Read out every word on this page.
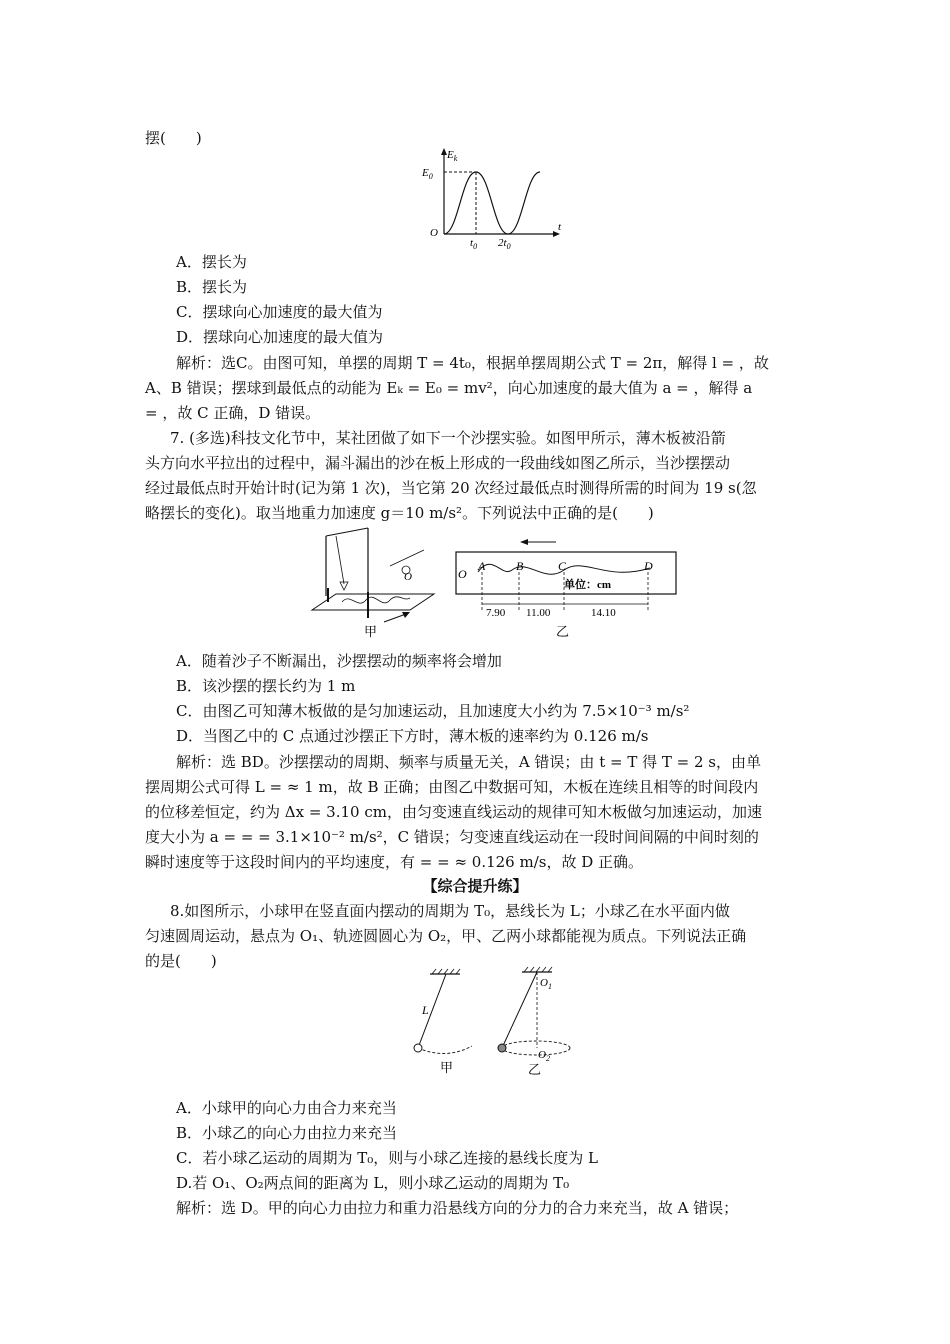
摆(　　)
$E_k$
$E_0$
O
$t_0$ $2t_0$
t
A．摆长为
B．摆长为
C．摆球向心加速度的最大值为
D．摆球向心加速度的最大值为
解析：选C。由图可知，单摆的周期 T = 4t₀，根据单摆周期公式 T = 2π，解得 l = ，故
A、B 错误；摆球到最低点的动能为 Eₖ = E₀ = mv²，向心加速度的最大值为 a = ，解得 a
= ，故 C 正确，D 错误。
7. (多选)科技文化节中，某社团做了如下一个沙摆实验。如图甲所示，薄木板被沿箭
头方向水平拉出的过程中，漏斗漏出的沙在板上形成的一段曲线如图乙所示，当沙摆摆动
经过最低点时开始计时(记为第 1 次)，当它第 20 次经过最低点时测得所需的时间为 19 s(忽
略摆长的变化)。取当地重力加速度 g＝10 m/s²。下列说法中正确的是(　　)
O
甲
O
A	B	C	D
单位：cm
7.90 11.00	14.10
乙
A．随着沙子不断漏出，沙摆摆动的频率将会增加
B．该沙摆的摆长约为 1 m
C．由图乙可知薄木板做的是匀加速运动，且加速度大小约为 7.5×10⁻³ m/s²
D．当图乙中的 C 点通过沙摆正下方时，薄木板的速率约为 0.126 m/s
解析：选 BD。沙摆摆动的周期、频率与质量无关，A 错误；由 t = T 得 T = 2 s，由单
摆周期公式可得 L = ≈ 1 m，故 B 正确；由图乙中数据可知，木板在连续且相等的时间段内
的位移差恒定，约为 Δx = 3.10 cm，由匀变速直线运动的规律可知木板做匀加速运动，加速
度大小为 a = = = 3.1×10⁻² m/s²，C 错误；匀变速直线运动在一段时间间隔的中间时刻的
瞬时速度等于这段时间内的平均速度，有 = = ≈ 0.126 m/s，故 D 正确。
【综合提升练】
8.如图所示，小球甲在竖直面内摆动的周期为 T₀，悬线长为 L；小球乙在水平面内做
匀速圆周运动，悬点为 O₁、轨迹圆圆心为 O₂，甲、乙两小球都能视为质点。下列说法正确
的是(　　)
L
甲
$O_1$
$O_2$
乙
A．小球甲的向心力由合力来充当
B．小球乙的向心力由拉力来充当
C．若小球乙运动的周期为 T₀，则与小球乙连接的悬线长度为 L
D.若 O₁、O₂两点间的距离为 L，则小球乙运动的周期为 T₀
解析：选 D。甲的向心力由拉力和重力沿悬线方向的分力的合力来充当，故 A 错误；
